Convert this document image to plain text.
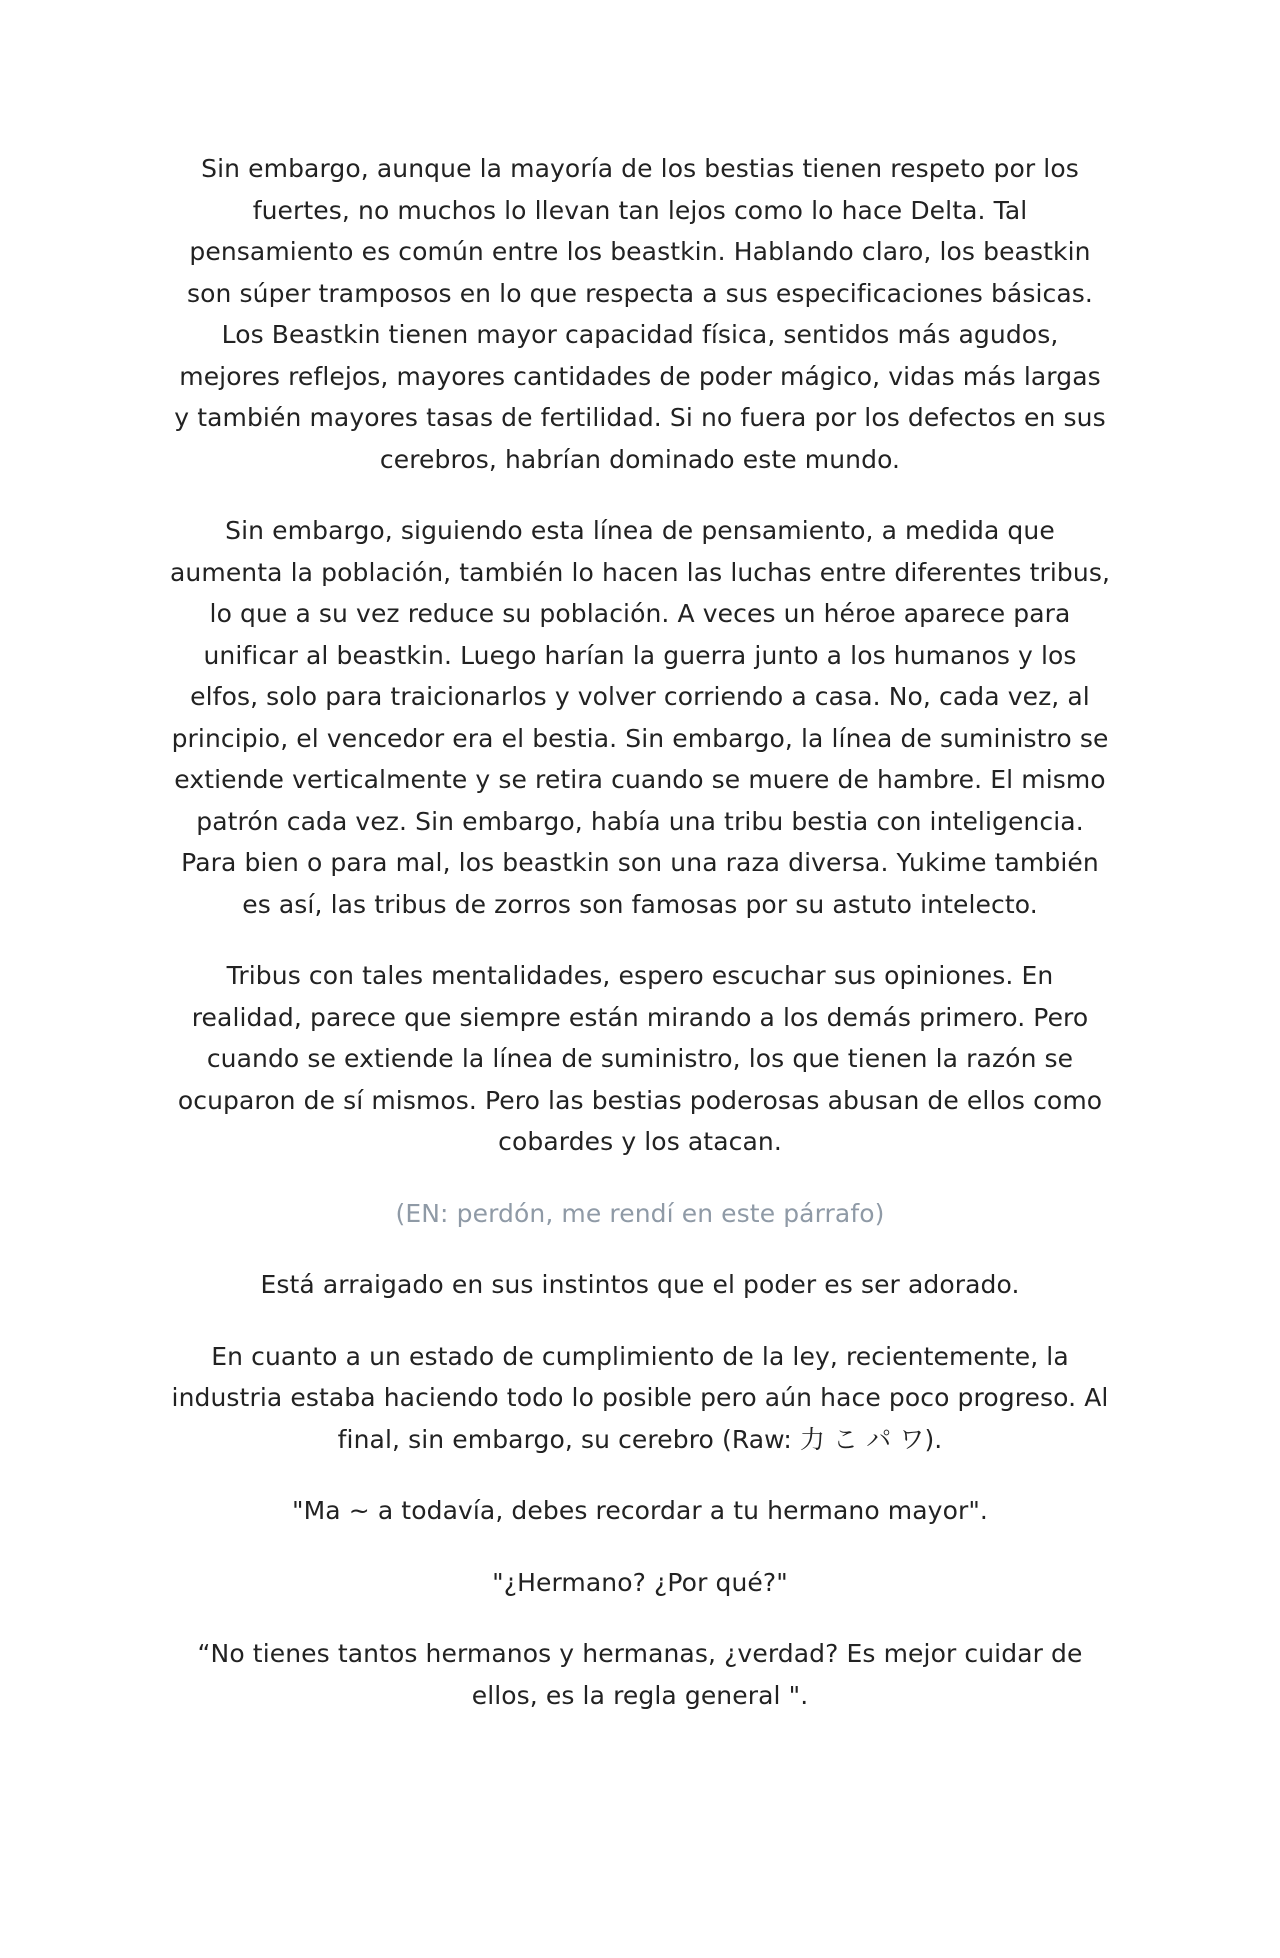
Sin embargo, aunque la mayoría de los bestias tienen respeto por los fuertes, no muchos lo llevan tan lejos como lo hace Delta. Tal pensamiento es común entre los beastkin. Hablando claro, los beastkin son súper tramposos en lo que respecta a sus especificaciones básicas. Los Beastkin tienen mayor capacidad física, sentidos más agudos, mejores reflejos, mayores cantidades de poder mágico, vidas más largas y también mayores tasas de fertilidad. Si no fuera por los defectos en sus cerebros, habrían dominado este mundo.

Sin embargo, siguiendo esta línea de pensamiento, a medida que aumenta la población, también lo hacen las luchas entre diferentes tribus, lo que a su vez reduce su población. A veces un héroe aparece para unificar al beastkin. Luego harían la guerra junto a los humanos y los elfos, solo para traicionarlos y volver corriendo a casa. No, cada vez, al principio, el vencedor era el bestia. Sin embargo, la línea de suministro se extiende verticalmente y se retira cuando se muere de hambre. El mismo patrón cada vez. Sin embargo, había una tribu bestia con inteligencia. Para bien o para mal, los beastkin son una raza diversa. Yukime también es así, las tribus de zorros son famosas por su astuto intelecto.

Tribus con tales mentalidades, espero escuchar sus opiniones. En realidad, parece que siempre están mirando a los demás primero. Pero cuando se extiende la línea de suministro, los que tienen la razón se ocuparon de sí mismos. Pero las bestias poderosas abusan de ellos como cobardes y los atacan.

(EN: perdón, me rendí en este párrafo)

Está arraigado en sus instintos que el poder es ser adorado.

En cuanto a un estado de cumplimiento de la ley, recientemente, la industria estaba haciendo todo lo posible pero aún hace poco progreso. Al final, sin embargo, su cerebro (Raw: 力 こ パ ワ).

"Ma ~ a todavía, debes recordar a tu hermano mayor".

"¿Hermano? ¿Por qué?"

“No tienes tantos hermanos y hermanas, ¿verdad? Es mejor cuidar de ellos, es la regla general ".
